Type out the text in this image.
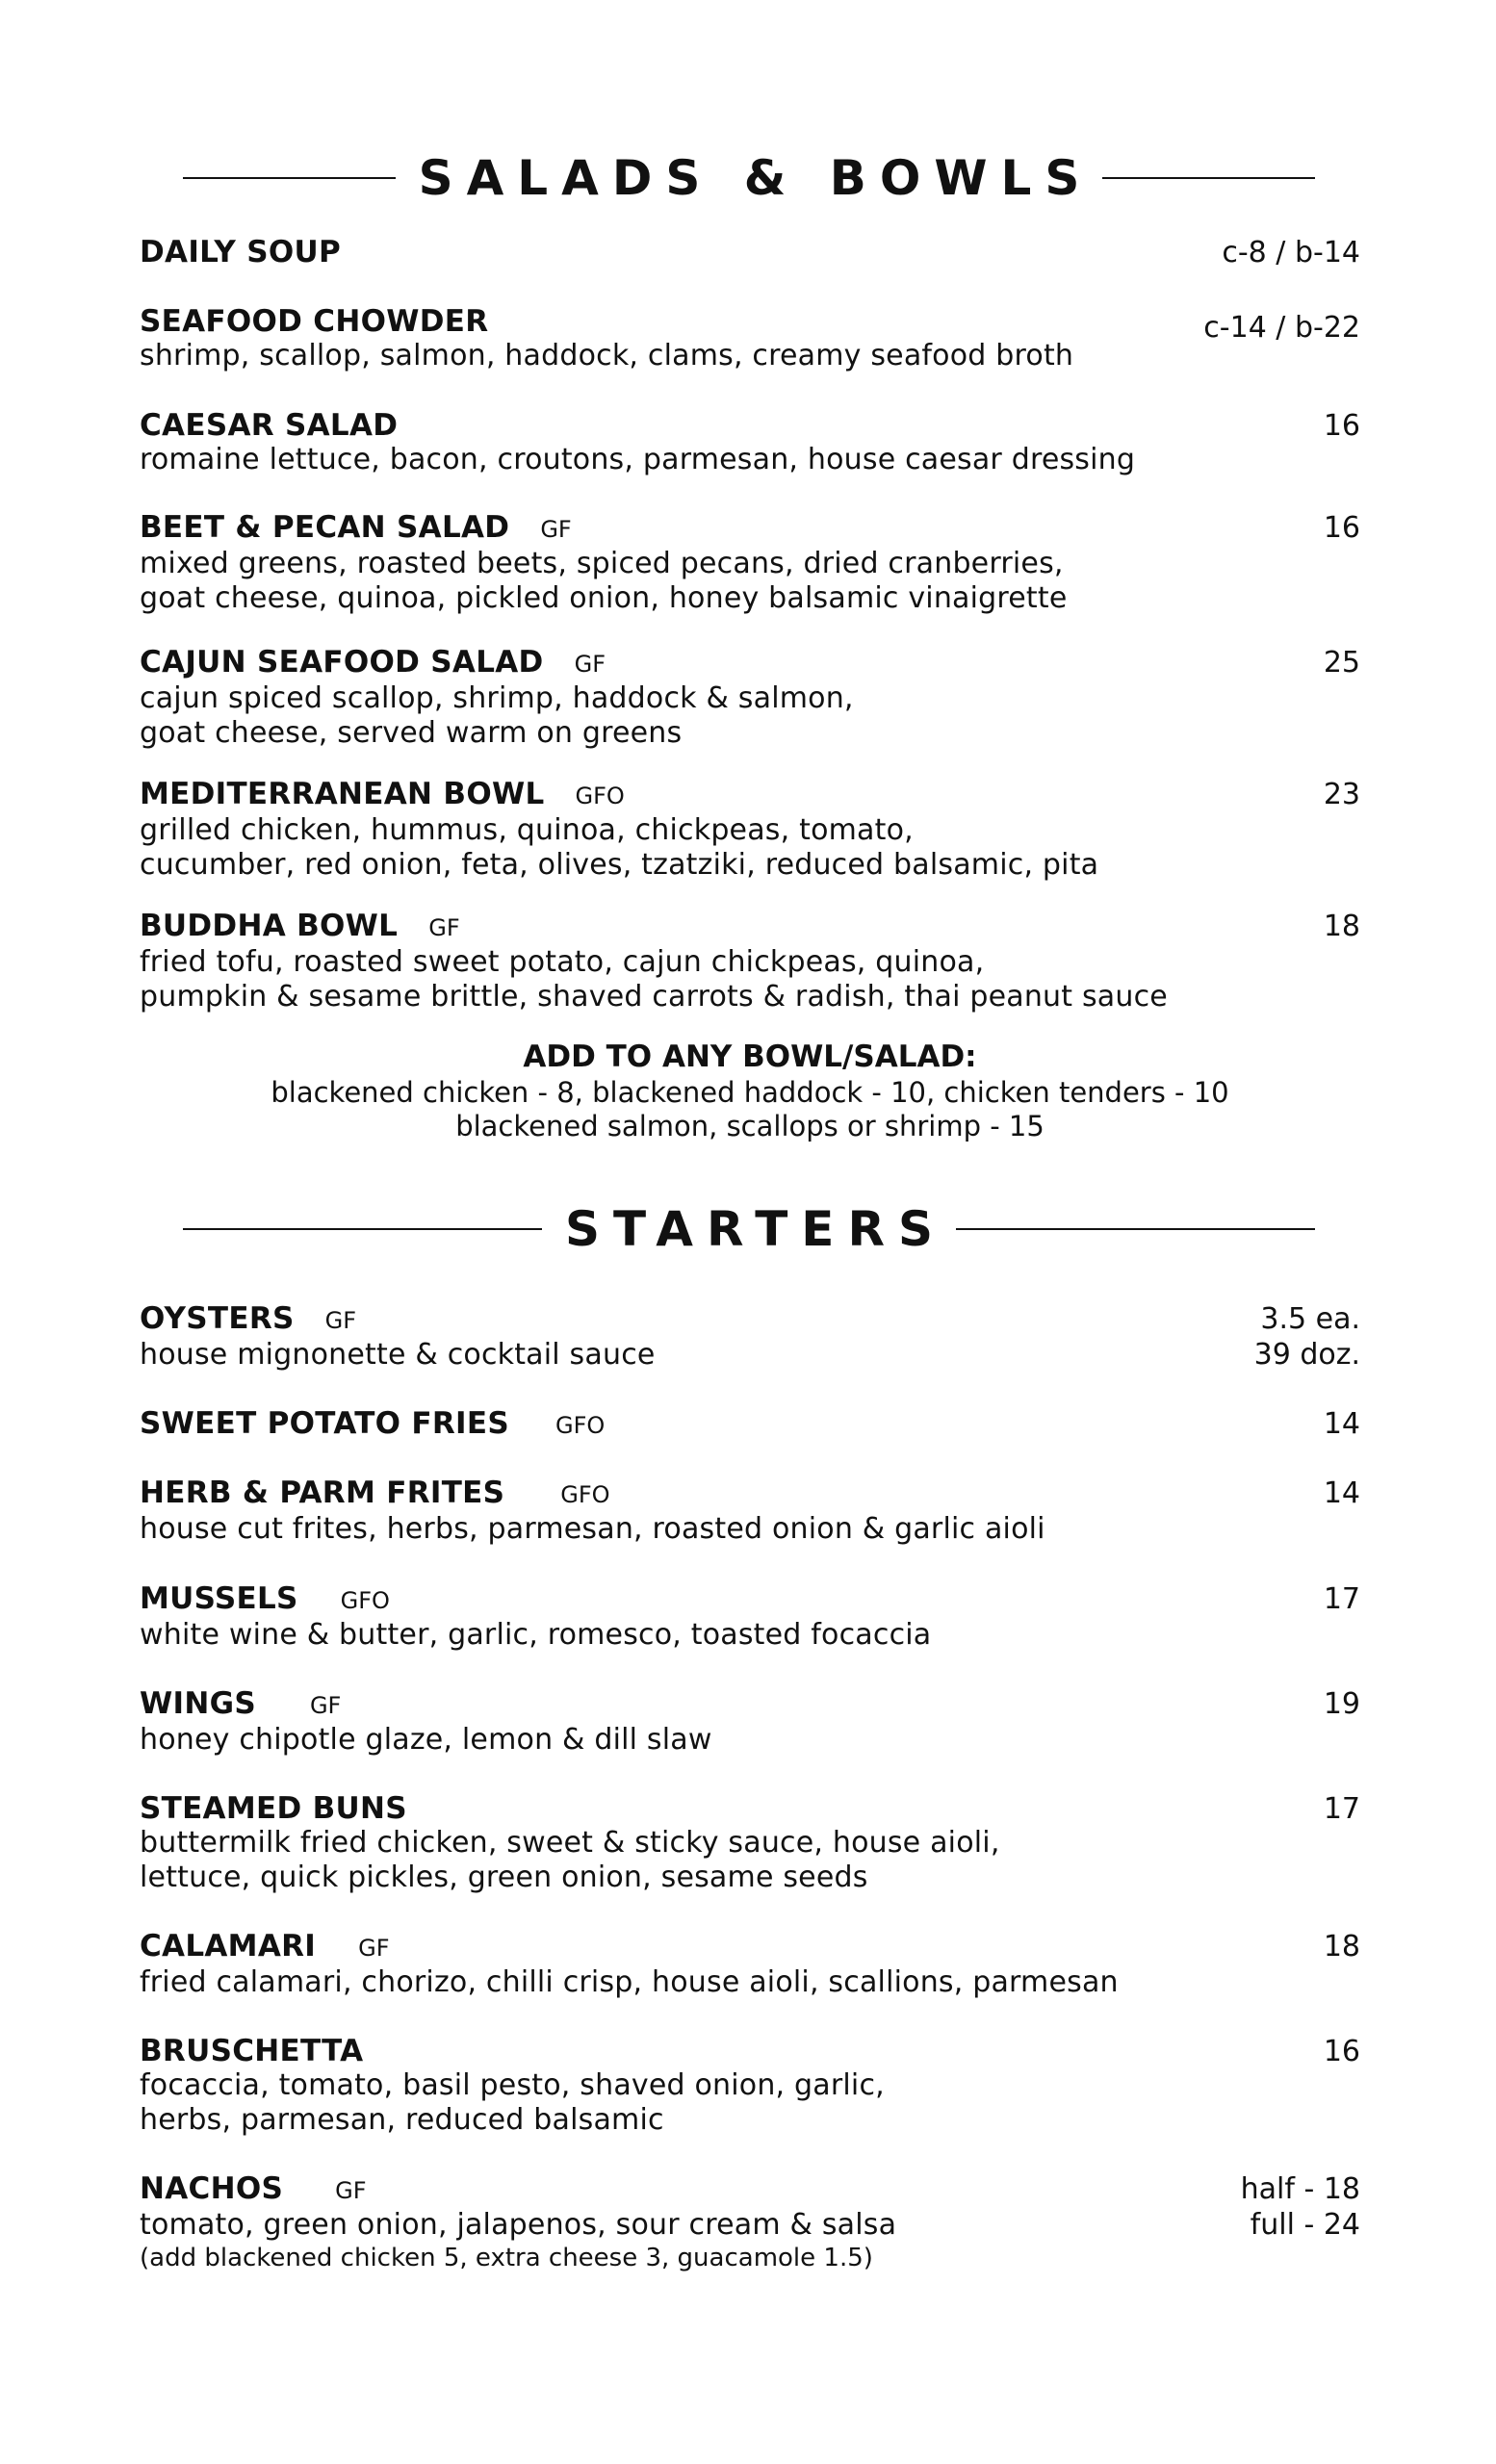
SALADS & BOWLS
DAILY SOUP	c-8 / b-14
SEAFOOD CHOWDER
shrimp, scallop, salmon, haddock, clams, creamy seafood broth
c-14 / b-22
CAESAR SALAD
romaine lettuce, bacon, croutons, parmesan, house caesar dressing
16
BEET & PECAN SALAD GF
mixed greens, roasted beets, spiced pecans, dried cranberries,
goat cheese, quinoa, pickled onion, honey balsamic vinaigrette
16
CAJUN SEAFOOD SALAD GF
cajun spiced scallop, shrimp, haddock & salmon,
goat cheese, served warm on greens
25
MEDITERRANEAN BOWL GFO
grilled chicken, hummus, quinoa, chickpeas, tomato,
cucumber, red onion, feta, olives, tzatziki, reduced balsamic, pita
23
BUDDHA BOWL GF
fried tofu, roasted sweet potato, cajun chickpeas, quinoa,
pumpkin & sesame brittle, shaved carrots & radish, thai peanut sauce
18
ADD TO ANY BOWL/SALAD:
blackened chicken - 8, blackened haddock - 10, chicken tenders - 10
blackened salmon, scallops or shrimp - 15
STARTERS
OYSTERS GF
house mignonette & cocktail sauce
3.5 ea.
39 doz.
SWEET POTATO FRIES GFO	14
HERB & PARM FRITES GFO
house cut frites, herbs, parmesan, roasted onion & garlic aioli
14
MUSSELS GFO
white wine & butter, garlic, romesco, toasted focaccia
17
WINGS GF
honey chipotle glaze, lemon & dill slaw
19
STEAMED BUNS
buttermilk fried chicken, sweet & sticky sauce, house aioli,
lettuce, quick pickles, green onion, sesame seeds
17
CALAMARI GF
fried calamari, chorizo, chilli crisp, house aioli, scallions, parmesan
18
BRUSCHETTA
focaccia, tomato, basil pesto, shaved onion, garlic,
herbs, parmesan, reduced balsamic
16
NACHOS GF
tomato, green onion, jalapenos, sour cream & salsa
(add blackened chicken 5, extra cheese 3, guacamole 1.5)
half - 18
full - 24
